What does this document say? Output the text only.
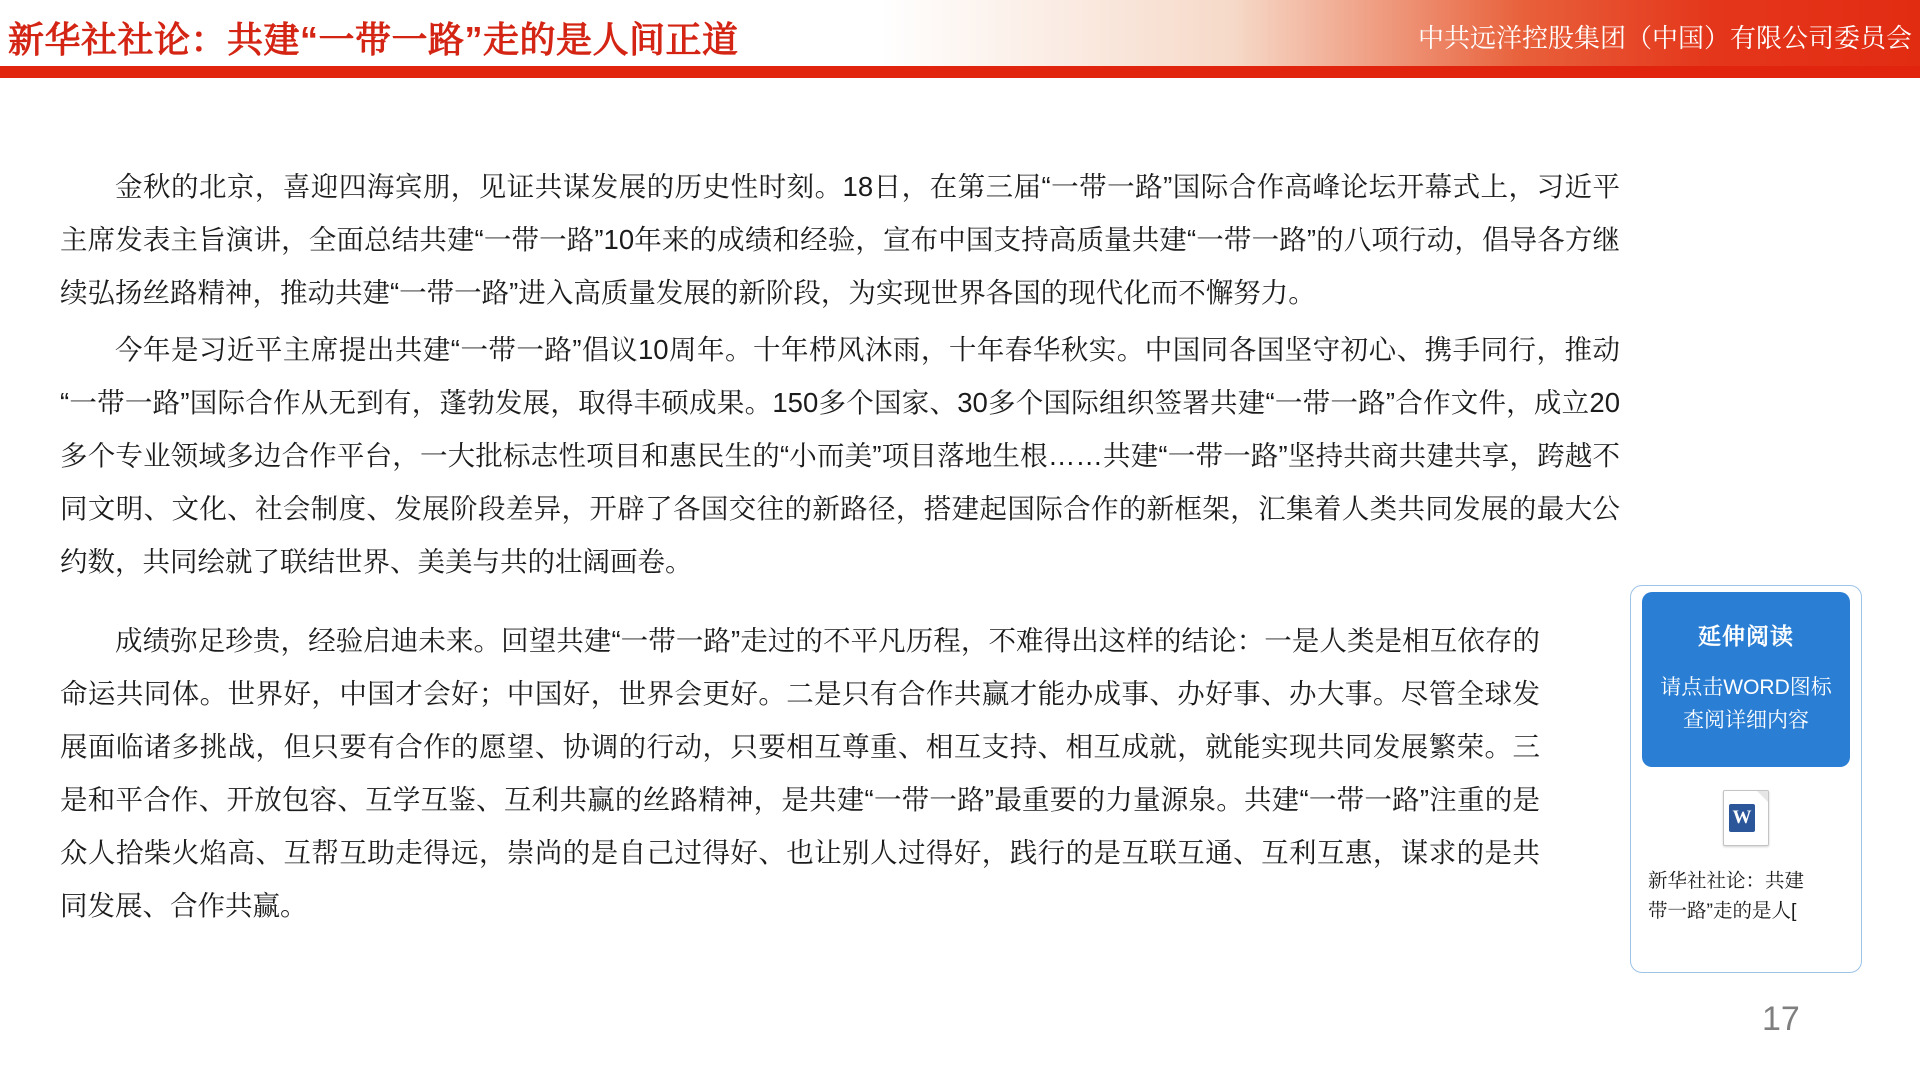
新华社社论：共建“一带一路”走的是人间正道	中共远洋控股集团（中国）有限公司委员会

金秋的北京，喜迎四海宾朋，见证共谋发展的历史性时刻。18日，在第三届“一带一路”国际合作高峰论坛开幕式上，习近平主席发表主旨演讲，全面总结共建“一带一路”10年来的成绩和经验，宣布中国支持高质量共建“一带一路”的八项行动，倡导各方继续弘扬丝路精神，推动共建“一带一路”进入高质量发展的新阶段，为实现世界各国的现代化而不懈努力。

今年是习近平主席提出共建“一带一路”倡议10周年。十年栉风沐雨，十年春华秋实。中国同各国坚守初心、携手同行，推动“一带一路”国际合作从无到有，蓬勃发展，取得丰硕成果。150多个国家、30多个国际组织签署共建“一带一路”合作文件，成立20多个专业领域多边合作平台，一大批标志性项目和惠民生的“小而美”项目落地生根……共建“一带一路”坚持共商共建共享，跨越不同文明、文化、社会制度、发展阶段差异，开辟了各国交往的新路径，搭建起国际合作的新框架，汇集着人类共同发展的最大公约数，共同绘就了联结世界、美美与共的壮阔画卷。

成绩弥足珍贵，经验启迪未来。回望共建“一带一路”走过的不平凡历程，不难得出这样的结论：一是人类是相互依存的命运共同体。世界好，中国才会好；中国好，世界会更好。二是只有合作共赢才能办成事、办好事、办大事。尽管全球发展面临诸多挑战，但只要有合作的愿望、协调的行动，只要相互尊重、相互支持、相互成就，就能实现共同发展繁荣。三是和平合作、开放包容、互学互鉴、互利共赢的丝路精神，是共建“一带一路”最重要的力量源泉。共建“一带一路”注重的是众人拾柴火焰高、互帮互助走得远，崇尚的是自己过得好、也让别人过得好，践行的是互联互通、互利互惠，谋求的是共同发展、合作共赢。

延伸阅读
请点击WORD图标查阅详细内容
W
新华社社论：共建
带一路”走的是人[
17
